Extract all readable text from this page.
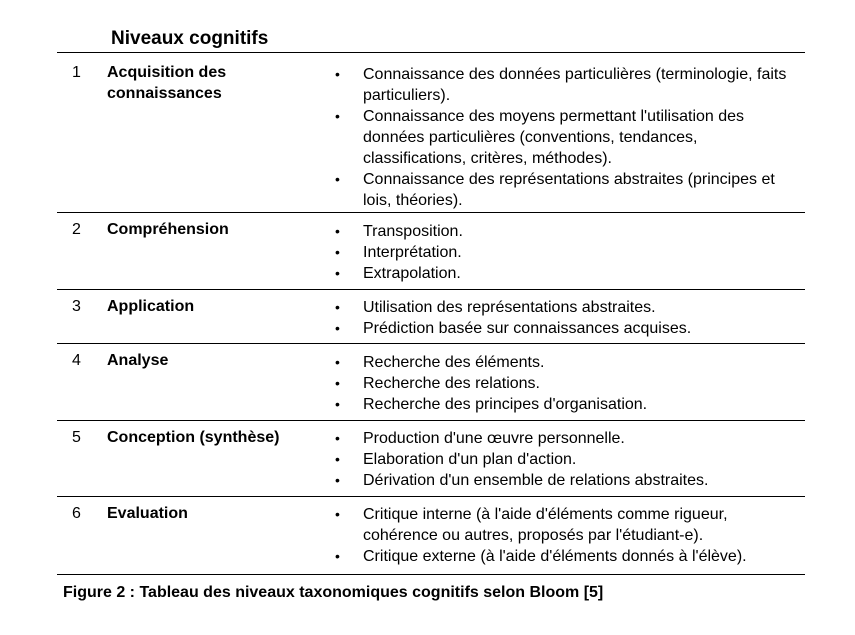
Niveaux cognitifs
1 Acquisition des connaissances
• Connaissance des données particulières (terminologie, faits particuliers).
• Connaissance des moyens permettant l'utilisation des données particulières (conventions, tendances, classifications, critères, méthodes).
• Connaissance des représentations abstraites (principes et lois, théories).
2 Compréhension	• Transposition.
• Interprétation.
• Extrapolation.
3 Application	• Utilisation des représentations abstraites.
• Prédiction basée sur connaissances acquises.
4 Analyse	• Recherche des éléments.
• Recherche des relations.
• Recherche des principes d'organisation.
5 Conception (synthèse)	• Production d'une œuvre personnelle.
• Elaboration d'un plan d'action.
• Dérivation d'un ensemble de relations abstraites.
6 Evaluation	• Critique interne (à l'aide d'éléments comme rigueur, cohérence ou autres, proposés par l'étudiant-e).
• Critique externe (à l'aide d'éléments donnés à l'élève).

Figure 2 : Tableau des niveaux taxonomiques cognitifs selon Bloom [5]
